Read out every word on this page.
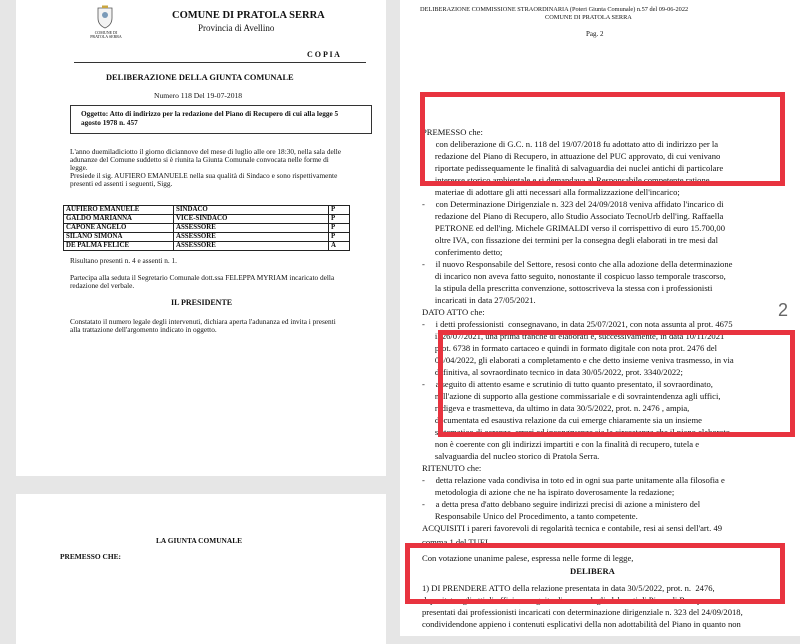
COMUNE DI PRATOLA SERRA
COMUNE DI PRATOLA SERRA
Provincia di Avellino
C O P I A
DELIBERAZIONE DELLA GIUNTA COMUNALE
Numero 118 Del 19-07-2018
Oggetto: Atto di indirizzo per la redazione del Piano di Recupero di cui alla legge 5
agosto 1978 n. 457
L'anno duemiladiciotto il giorno diciannove del mese di luglio alle ore 18:30, nella sala delle
adunanze del Comune suddetto si è riunita la Giunta Comunale convocata nelle forme di
legge.
Presiede il sig. AUFIERO EMANUELE nella sua qualità di Sindaco e sono rispettivamente
presenti ed assenti i seguenti, Sigg.
AUFIERO EMANUELE	SINDACO	P
GALDO MARIANNA	VICE-SINDACO	P
CAPONE ANGELO	ASSESSORE	P
SILANO SIMONA	ASSESSORE	P
DE PALMA FELICE	ASSESSORE	A
Risultano presenti n. 4 e assenti n. 1.
Partecipa alla seduta il Segretario Comunale dott.ssa FELEPPA MYRIAM incaricato della
redazione del verbale.
IL PRESIDENTE
Constatato il numero legale degli intervenuti, dichiara aperta l'adunanza ed invita i presenti
alla trattazione dell'argomento indicato in oggetto.
LA GIUNTA COMUNALE
PREMESSO CHE:
DELIBERAZIONE COMMISSIONE STRAORDINARIA (Poteri Giunta Comunale) n.57 del 09-06-2022
COMUNE DI PRATOLA SERRA
Pag. 2
PREMESSO che:
-     con deliberazione di G.C. n. 118 del 19/07/2018 fu adottato atto di indirizzo per la
redazione del Piano di Recupero, in attuazione del PUC approvato, di cui venivano
riportate pedissequamente le finalità di salvaguardia dei nuclei antichi di particolare
interesse storico ambientale e si demandava al Responsabile competente ratione
materiae di adottare gli atti necessari alla formalizzazione dell'incarico;
-     con Determinazione Dirigenziale n. 323 del 24/09/2018 veniva affidato l'incarico di
redazione del Piano di Recupero, allo Studio Associato TecnoUrb dell'ing. Raffaella
PETRONE ed dell'ing. Michele GRIMALDI verso il corrispettivo di euro 15.700,00
oltre IVA, con fissazione dei termini per la consegna degli elaborati in tre mesi dal
conferimento detto;
-     il nuovo Responsabile del Settore, resosi conto che alla adozione della determinazione
di incarico non aveva fatto seguito, nonostante il cospicuo lasso temporale trascorso,
la stipula della prescritta convenzione, sottoscriveva la stessa con i professionisti
incaricati in data 27/05/2021.
DATO ATTO che:
-     i detti professionisti  consegnavano, in data 25/07/2021, con nota assunta al prot. 4675
il 26/07/2021, una prima tranche di elaborati e, successivamente, in data 10/11/2021
prot. 6738 in formato cartaceo e quindi in formato digitale con nota prot. 2476 del
06/04/2022, gli elaborati a completamento e che detto insieme veniva trasmesso, in via
definitiva, al sovraordinato tecnico in data 30/05/2022, prot. 3340/2022;
-     a seguito di attento esame e scrutinio di tutto quanto presentato, il sovraordinato,
nell'azione di supporto alla gestione commissariale e di sovraintendenza agli uffici,
redigeva e trasmetteva, da ultimo in data 30/5/2022, prot. n. 2476 , ampia,
documentata ed esaustiva relazione da cui emerge chiaramente sia un insieme
sistematico di carenze, errori ed incongruenze sia la circostanza che il piano elaborato
non è coerente con gli indirizzi impartiti e con la finalità di recupero, tutela e
salvaguardia del nucleo storico di Pratola Serra.
RITENUTO che:
-     detta relazione vada condivisa in toto ed in ogni sua parte unitamente alla filosofia e
metodologia di azione che ne ha ispirato doverosamente la redazione;
-     a detta presa d'atto debbano seguire indirizzi precisi di azione a ministero del
Responsabile Unico del Procedimento, a tanto competente.
ACQUISITI i pareri favorevoli di regolarità tecnica e contabile, resi ai sensi dell'art. 49
comma 1 del TUEL.
Con votazione unanime palese, espressa nelle forme di legge,
DELIBERA
1) DI PRENDERE ATTO della relazione presentata in data 30/5/2022, prot. n.  2476,
depositata agli atti di ufficio, a seguito di esame degli elaborati di Piano di Recupero
presentati dai professionisti incaricati con determinazione dirigenziale n. 323 del 24/09/2018,
condividendone appieno i contenuti esplicativi della non adottabilità del Piano in quanto non
2
